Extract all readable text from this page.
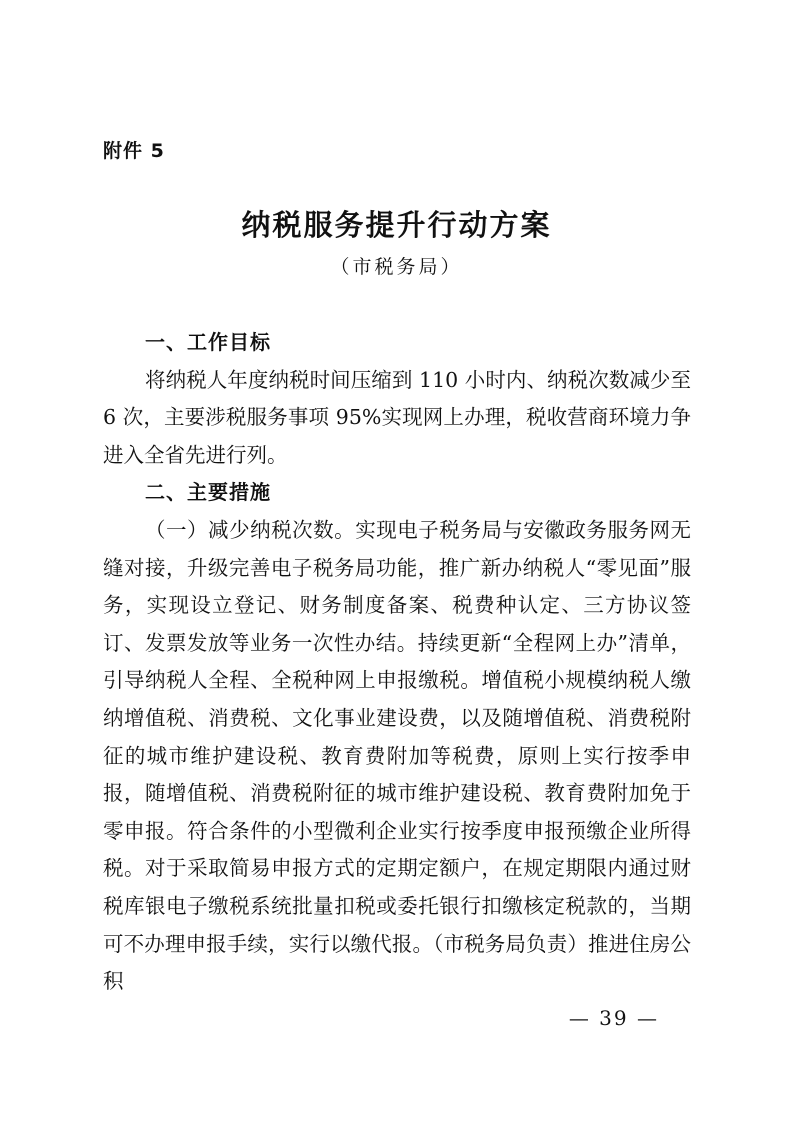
附件 5
纳税服务提升行动方案
（市税务局）
一、工作目标

将纳税人年度纳税时间压缩到 110 小时内、纳税次数减少至 6 次，主要涉税服务事项 95%实现网上办理，税收营商环境力争进入全省先进行列。

二、主要措施

（一）减少纳税次数。实现电子税务局与安徽政务服务网无缝对接，升级完善电子税务局功能，推广新办纳税人“零见面”服务，实现设立登记、财务制度备案、税费种认定、三方协议签订、发票发放等业务一次性办结。持续更新“全程网上办”清单，引导纳税人全程、全税种网上申报缴税。增值税小规模纳税人缴纳增值税、消费税、文化事业建设费，以及随增值税、消费税附征的城市维护建设税、教育费附加等税费，原则上实行按季申报，随增值税、消费税附征的城市维护建设税、教育费附加免于零申报。符合条件的小型微利企业实行按季度申报预缴企业所得税。对于采取简易申报方式的定期定额户，在规定期限内通过财税库银电子缴税系统批量扣税或委托银行扣缴核定税款的，当期可不办理申报手续，实行以缴代报。（市税务局负责）推进住房公积

— 39 —
